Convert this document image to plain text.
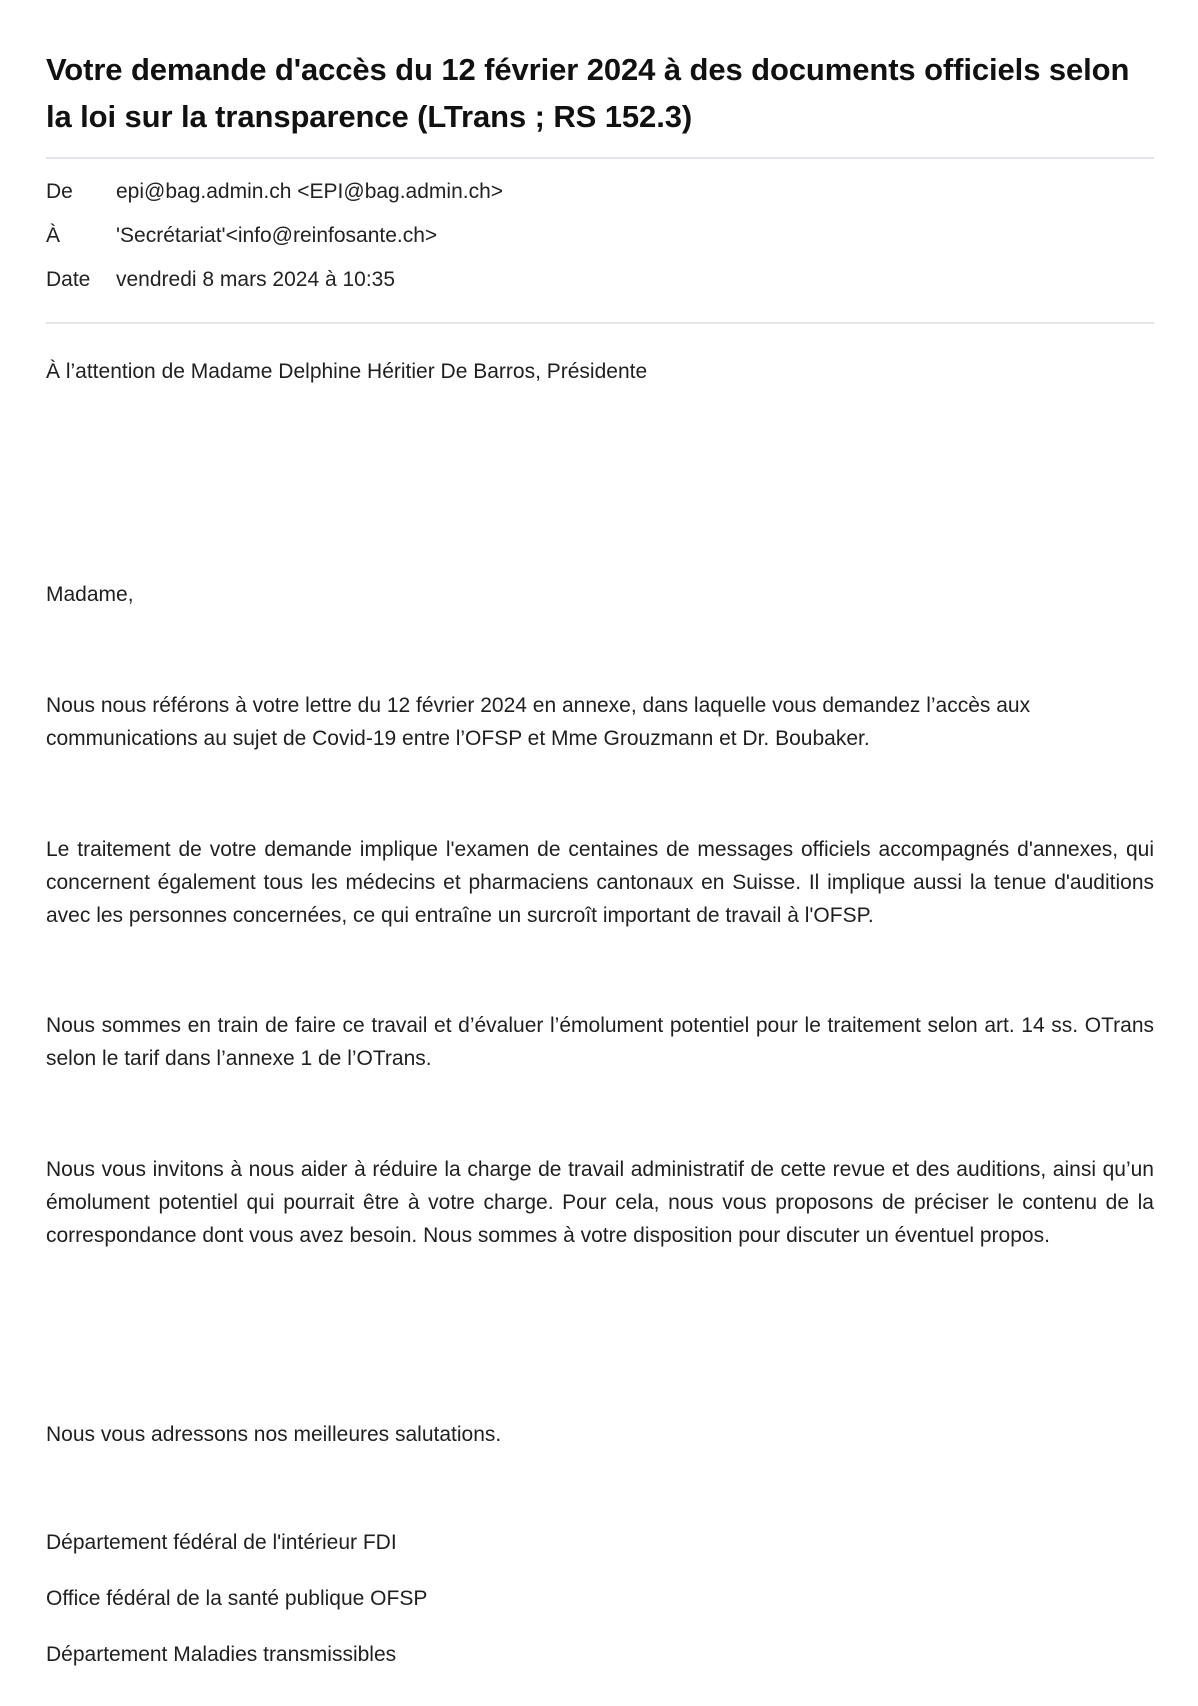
Votre demande d'accès du 12 février 2024 à des documents officiels selon la loi sur la transparence (LTrans ; RS 152.3)
De	epi@bag.admin.ch <EPI@bag.admin.ch>
À	'Secrétariat'<info@reinfosante.ch>
Date	vendredi 8 mars 2024 à 10:35

À l’attention de Madame Delphine Héritier De Barros, Présidente

Madame,

Nous nous référons à votre lettre du 12 février 2024 en annexe, dans laquelle vous demandez l’accès aux communications au sujet de Covid-19 entre l’OFSP et Mme Grouzmann et Dr. Boubaker.

Le traitement de votre demande implique l'examen de centaines de messages officiels accompagnés d'annexes, qui concernent également tous les médecins et pharmaciens cantonaux en Suisse. Il implique aussi la tenue d'auditions avec les personnes concernées, ce qui entraîne un surcroît important de travail à l'OFSP.

Nous sommes en train de faire ce travail et d’évaluer l’émolument potentiel pour le traitement selon art. 14 ss. OTrans selon le tarif dans l’annexe 1 de l’OTrans.

Nous vous invitons à nous aider à réduire la charge de travail administratif de cette revue et des auditions, ainsi qu’un émolument potentiel qui pourrait être à votre charge. Pour cela, nous vous proposons de préciser le contenu de la correspondance dont vous avez besoin. Nous sommes à votre disposition pour discuter un éventuel propos.

Nous vous adressons nos meilleures salutations.

Département fédéral de l'intérieur FDI

Office fédéral de la santé publique OFSP

Département Maladies transmissibles
